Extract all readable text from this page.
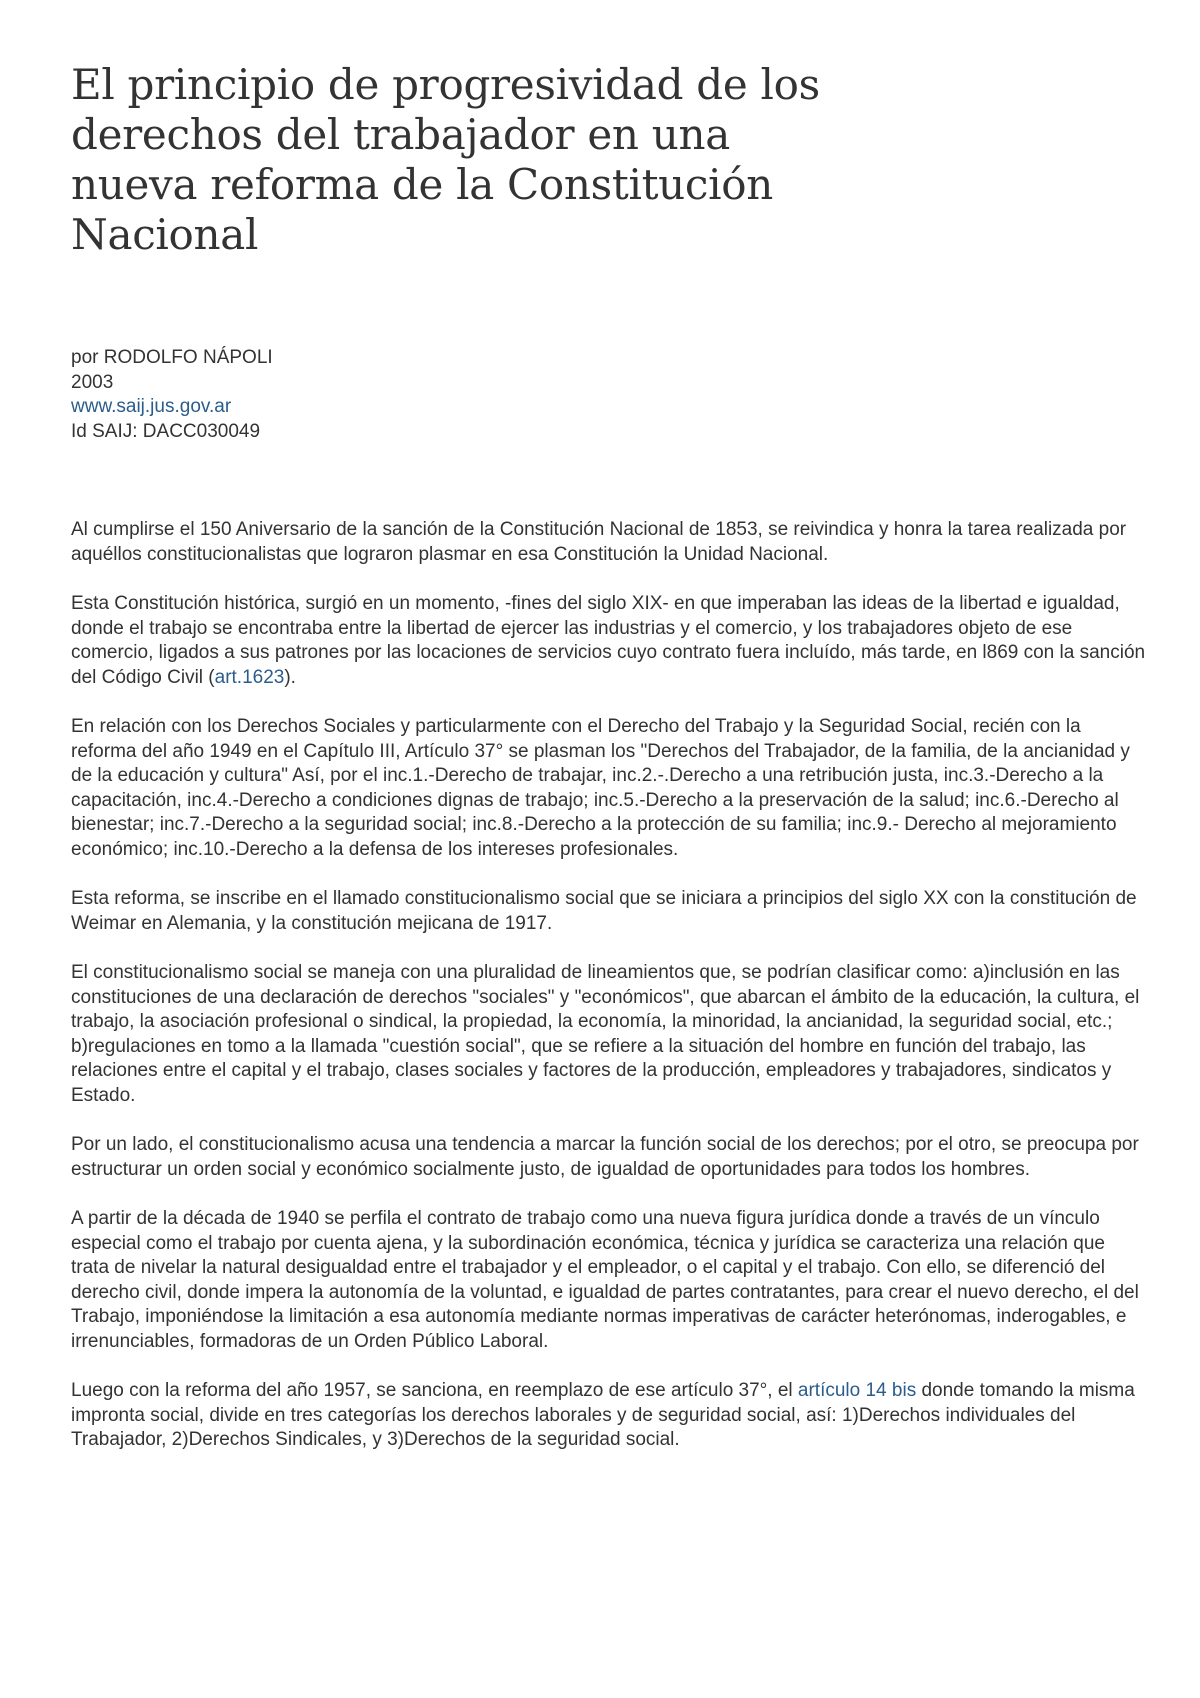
El principio de progresividad de los derechos del trabajador en una nueva reforma de la Constitución Nacional
por RODOLFO NÁPOLI
2003
www.saij.jus.gov.ar
Id SAIJ: DACC030049

Al cumplirse el 150 Aniversario de la sanción de la Constitución Nacional de 1853, se reivindica y honra la tarea realizada por aquéllos constitucionalistas que lograron plasmar en esa Constitución la Unidad Nacional.

Esta Constitución histórica, surgió en un momento, -fines del siglo XIX- en que imperaban las ideas de la libertad e igualdad, donde el trabajo se encontraba entre la libertad de ejercer las industrias y el comercio, y los trabajadores objeto de ese comercio, ligados a sus patrones por las locaciones de servicios cuyo contrato fuera incluído, más tarde, en l869 con la sanción del Código Civil (art.1623).

En relación con los Derechos Sociales y particularmente con el Derecho del Trabajo y la Seguridad Social, recién con la reforma del año 1949 en el Capítulo III, Artículo 37° se plasman los "Derechos del Trabajador, de la familia, de la ancianidad y de la educación y cultura" Así, por el inc.1.-Derecho de trabajar, inc.2.-.Derecho a una retribución justa, inc.3.-Derecho a la capacitación, inc.4.-Derecho a condiciones dignas de trabajo; inc.5.-Derecho a la preservación de la salud; inc.6.-Derecho al bienestar; inc.7.-Derecho a la seguridad social; inc.8.-Derecho a la protección de su familia; inc.9.- Derecho al mejoramiento económico; inc.10.-Derecho a la defensa de los intereses profesionales.

Esta reforma, se inscribe en el llamado constitucionalismo social que se iniciara a principios del siglo XX con la constitución de Weimar en Alemania, y la constitución mejicana de 1917.

El constitucionalismo social se maneja con una pluralidad de lineamientos que, se podrían clasificar como: a)inclusión en las constituciones de una declaración de derechos "sociales" y "económicos", que abarcan el ámbito de la educación, la cultura, el trabajo, la asociación profesional o sindical, la propiedad, la economía, la minoridad, la ancianidad, la seguridad social, etc.; b)regulaciones en tomo a la llamada "cuestión social", que se refiere a la situación del hombre en función del trabajo, las relaciones entre el capital y el trabajo, clases sociales y factores de la producción, empleadores y trabajadores, sindicatos y Estado.

Por un lado, el constitucionalismo acusa una tendencia a marcar la función social de los derechos; por el otro, se preocupa por estructurar un orden social y económico socialmente justo, de igualdad de oportunidades para todos los hombres.

A partir de la década de 1940 se perfila el contrato de trabajo como una nueva figura jurídica donde a través de un vínculo especial como el trabajo por cuenta ajena, y la subordinación económica, técnica y jurídica se caracteriza una relación que trata de nivelar la natural desigualdad entre el trabajador y el empleador, o el capital y el trabajo. Con ello, se diferenció del derecho civil, donde impera la autonomía de la voluntad, e igualdad de partes contratantes, para crear el nuevo derecho, el del Trabajo, imponiéndose la limitación a esa autonomía mediante normas imperativas de carácter heterónomas, inderogables, e irrenunciables, formadoras de un Orden Público Laboral.

Luego con la reforma del año 1957, se sanciona, en reemplazo de ese artículo 37°, el artículo 14 bis donde tomando la misma impronta social, divide en tres categorías los derechos laborales y de seguridad social, así: 1)Derechos individuales del Trabajador, 2)Derechos Sindicales, y 3)Derechos de la seguridad social.
